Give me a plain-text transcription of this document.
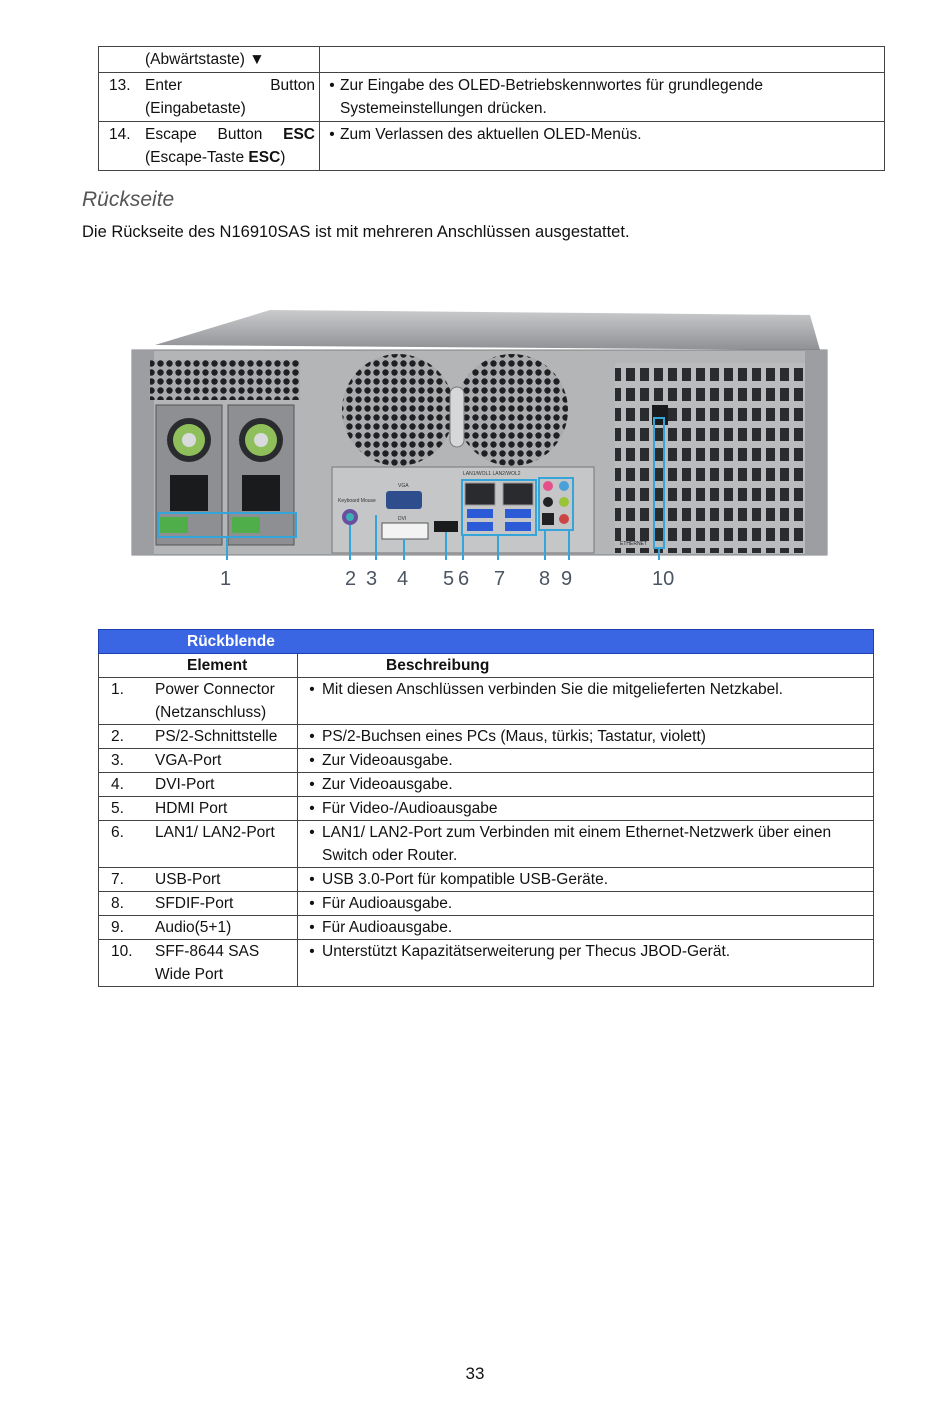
(Abwärtstaste) ▼	

13. Enter Button
(Eingabetaste)	• Zur Eingabe des OLED-Betriebskennwortes für grundlegende
Systemeinstellungen drücken.

14. Escape Button ESC
(Escape-Taste ESC)	• Zum Verlassen des aktuellen OLED-Menüs.
Rückseite
Die Rückseite des N16910SAS ist mit mehreren Anschlüssen ausgestattet.
Keyboard Mouse
VGA
DVI
LAN1/WOL1 LAN2/WOL2
ETHERNET
1	2 3 4 5 6 7 8 9	10
Rückblende	
Element	Beschreibung
1. Power Connector
(Netzanschluss)	• Mit diesen Anschlüssen verbinden Sie die mitgelieferten Netzkabel.

2. PS/2-Schnittstelle	• PS/2-Buchsen eines PCs (Maus, türkis; Tastatur, violett)

3. VGA-Port	• Zur Videoausgabe.

4. DVI-Port	• Zur Videoausgabe.

5. HDMI Port	• Für Video-/Audioausgabe

6. LAN1/ LAN2-Port	• LAN1/ LAN2-Port zum Verbinden mit einem Ethernet-Netzwerk über einen
Switch oder Router.

7. USB-Port	• USB 3.0-Port für kompatible USB-Geräte.

8. SFDIF-Port	• Für Audioausgabe.

9. Audio(5+1)	• Für Audioausgabe.

10. SFF-8644 SAS
Wide Port	• Unterstützt Kapazitätserweiterung per Thecus JBOD-Gerät.
33
